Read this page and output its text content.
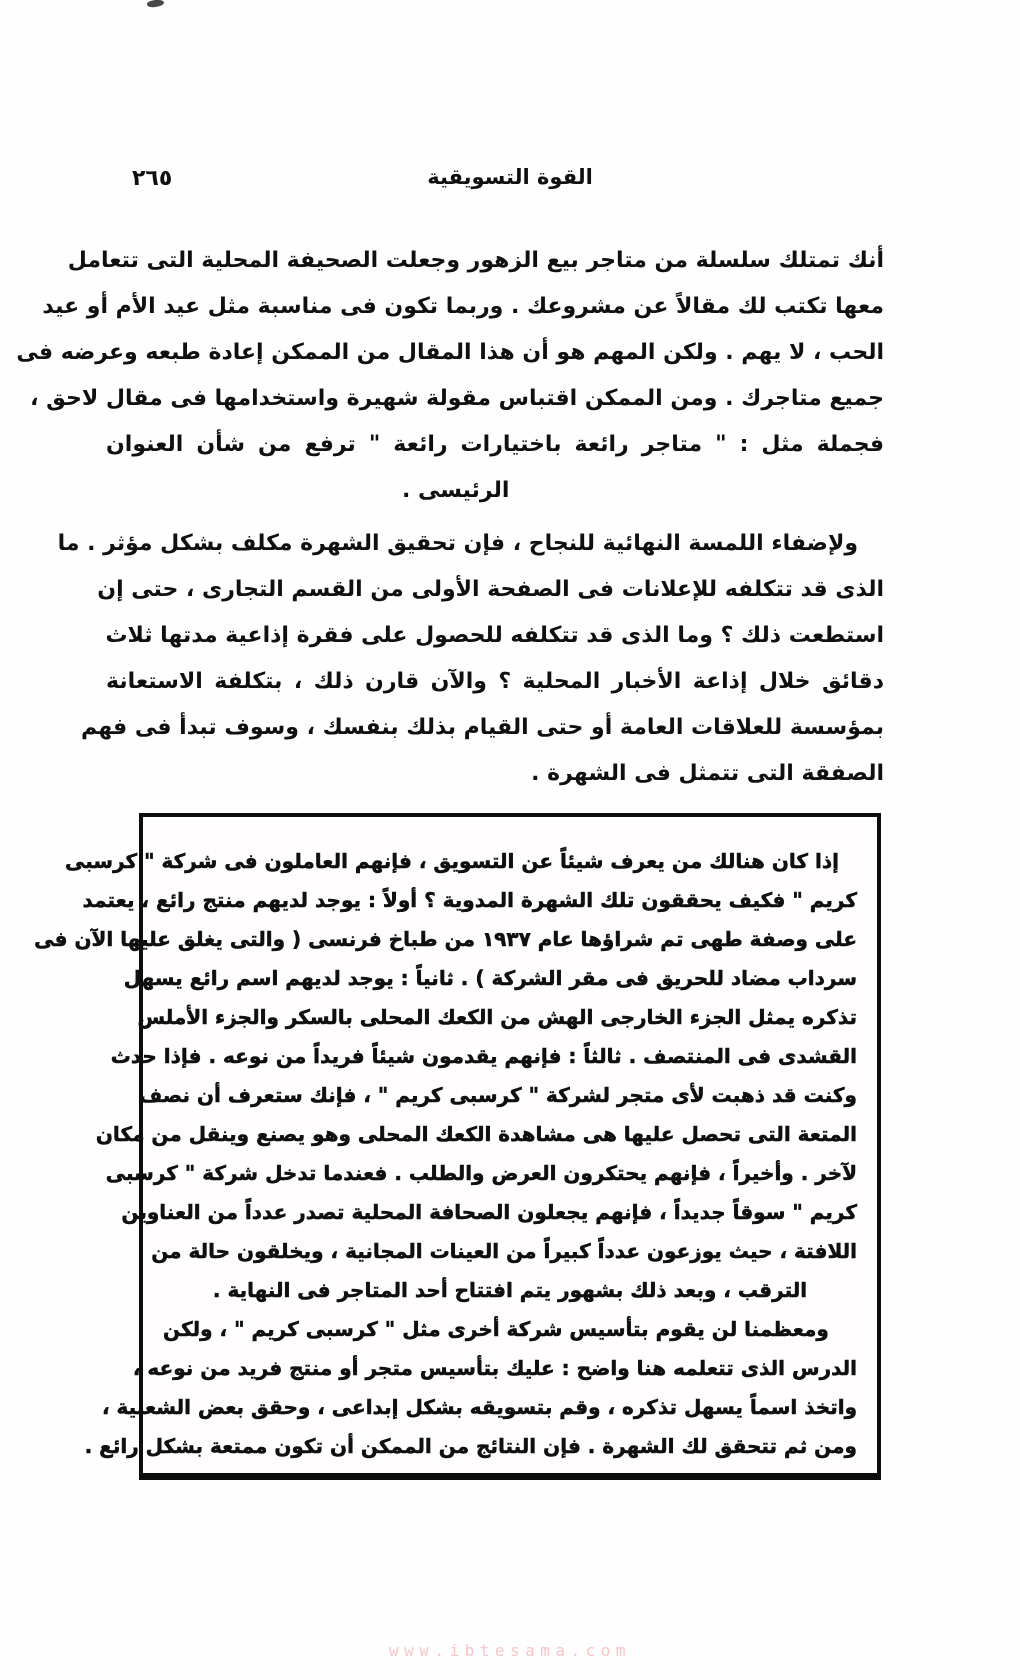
٢٦٥	القوة التسويقية
أنك تمتلك سلسلة من متاجر بيع الزهور وجعلت الصحيفة المحلية التى تتعامل
معها تكتب لك مقالاً عن مشروعك . وربما تكون فى مناسبة مثل عيد الأم أو عيد
الحب ، لا يهم . ولكن المهم هو أن هذا المقال من الممكن إعادة طبعه وعرضه فى
جميع متاجرك . ومن الممكن اقتباس مقولة شهيرة واستخدامها فى مقال لاحق ،
فجملة مثل : " متاجر رائعة باختيارات رائعة " ترفع من شأن العنوان
الرئيسى .
ولإضفاء اللمسة النهائية للنجاح ، فإن تحقيق الشهرة مكلف بشكل مؤثر . ما
الذى قد تتكلفه للإعلانات فى الصفحة الأولى من القسم التجارى ، حتى إن
استطعت ذلك ؟ وما الذى قد تتكلفه للحصول على فقرة إذاعية مدتها ثلاث
دقائق خلال إذاعة الأخبار المحلية ؟ والآن قارن ذلك ، بتكلفة الاستعانة
بمؤسسة للعلاقات العامة أو حتى القيام بذلك بنفسك ، وسوف تبدأ فى فهم
الصفقة التى تتمثل فى الشهرة .
إذا كان هنالك من يعرف شيئاً عن التسويق ، فإنهم العاملون فى شركة " كرسبى
كريم " فكيف يحققون تلك الشهرة المدوية ؟ أولاً : يوجد لديهم منتج رائع ، يعتمد
على وصفة طهى تم شراؤها عام ١٩٣٧ من طباخ فرنسى ( والتى يغلق عليها الآن فى
سرداب مضاد للحريق فى مقر الشركة ) . ثانياً : يوجد لديهم اسم رائع يسهل
تذكره يمثل الجزء الخارجى الهش من الكعك المحلى بالسكر والجزء الأملس
القشدى فى المنتصف . ثالثاً : فإنهم يقدمون شيئاً فريداً من نوعه . فإذا حدث
وكنت قد ذهبت لأى متجر لشركة " كرسبى كريم " ، فإنك ستعرف أن نصف
المتعة التى تحصل عليها هى مشاهدة الكعك المحلى وهو يصنع وينقل من مكان
لآخر . وأخيراً ، فإنهم يحتكرون العرض والطلب . فعندما تدخل شركة " كرسبى
كريم " سوقاً جديداً ، فإنهم يجعلون الصحافة المحلية تصدر عدداً من العناوين
اللافتة ، حيث يوزعون عدداً كبيراً من العينات المجانية ، ويخلقون حالة من
الترقب ، وبعد ذلك بشهور يتم افتتاح أحد المتاجر فى النهاية .
ومعظمنا لن يقوم بتأسيس شركة أخرى مثل " كرسبى كريم " ، ولكن
الدرس الذى تتعلمه هنا واضح : عليك بتأسيس متجر أو منتج فريد من نوعه ،
واتخذ اسماً يسهل تذكره ، وقم بتسويقه بشكل إبداعى ، وحقق بعض الشعبية ،
ومن ثم تتحقق لك الشهرة . فإن النتائج من الممكن أن تكون ممتعة بشكل رائع .
www.ibtesama.com
